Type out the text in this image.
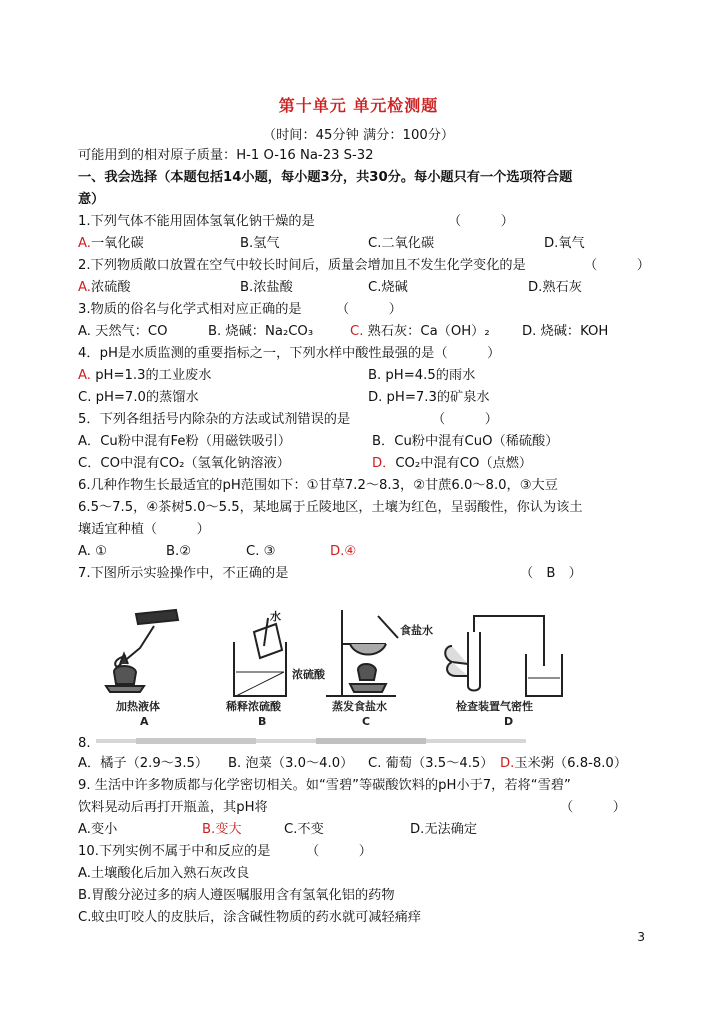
第十单元 单元检测题
（时间：45分钟 满分：100分）
可能用到的相对原子质量：H-1 O-16 Na-23 S-32
一、我会选择（本题包括14小题，每小题3分，共30分。每小题只有一个选项符合题
意）
1.下列气体不能用固体氢氧化钠干燥的是	（　　　）
A.一氧化碳	B.氢气	C.二氧化碳	D.氧气
2.下列物质敞口放置在空气中较长时间后，质量会增加且不发生化学变化的是	（　　　）
A.浓硫酸	B.浓盐酸	C.烧碱	D.熟石灰
3.物质的俗名与化学式相对应正确的是	（　　　）
A. 天然气：CO	B. 烧碱：Na₂CO₃	C. 熟石灰：Ca（OH）₂ D. 烧碱：KOH
4．pH是水质监测的重要指标之一，下列水样中酸性最强的是（　　　）
A. pH=1.3的工业废水	B. pH=4.5的雨水
C. pH=7.0的蒸馏水	D. pH=7.3的矿泉水
5．下列各组括号内除杂的方法或试剂错误的是	（　　　）
A．Cu粉中混有Fe粉（用磁铁吸引）	B．Cu粉中混有CuO（稀硫酸）
C．CO中混有CO₂（氢氧化钠溶液）	D．CO₂中混有CO（点燃）
6.几种作物生长最适宜的pH范围如下：①甘草7.2～8.3，②甘蔗6.0～8.0，③大豆
6.5～7.5，④茶树5.0～5.5，某地属于丘陵地区，土壤为红色，呈弱酸性，你认为该土
壤适宜种植（　　　）
A. ①	B.②	C. ③	D.④
7.下图所示实验操作中，不正确的是	（　B　）
加热液体
A
水
浓硫酸
稀释浓硫酸
B
食盐水
蒸发食盐水
C
检查装置气密性
D
8.
A．橘子（2.9～3.5） B. 泡菜（3.0～4.0） C. 葡萄（3.5～4.5） D.玉米粥（6.8-8.0）
9. 生活中许多物质都与化学密切相关。如“雪碧”等碳酸饮料的pH小于7，若将“雪碧”
饮料晃动后再打开瓶盖，其pH将	（　　　）
A.变小	B.变大	C.不变	D.无法确定
10.下列实例不属于中和反应的是	（　　　）
A.土壤酸化后加入熟石灰改良
B.胃酸分泌过多的病人遵医嘱服用含有氢氧化铝的药物
C.蚊虫叮咬人的皮肤后，涂含碱性物质的药水就可减轻痛痒
3
